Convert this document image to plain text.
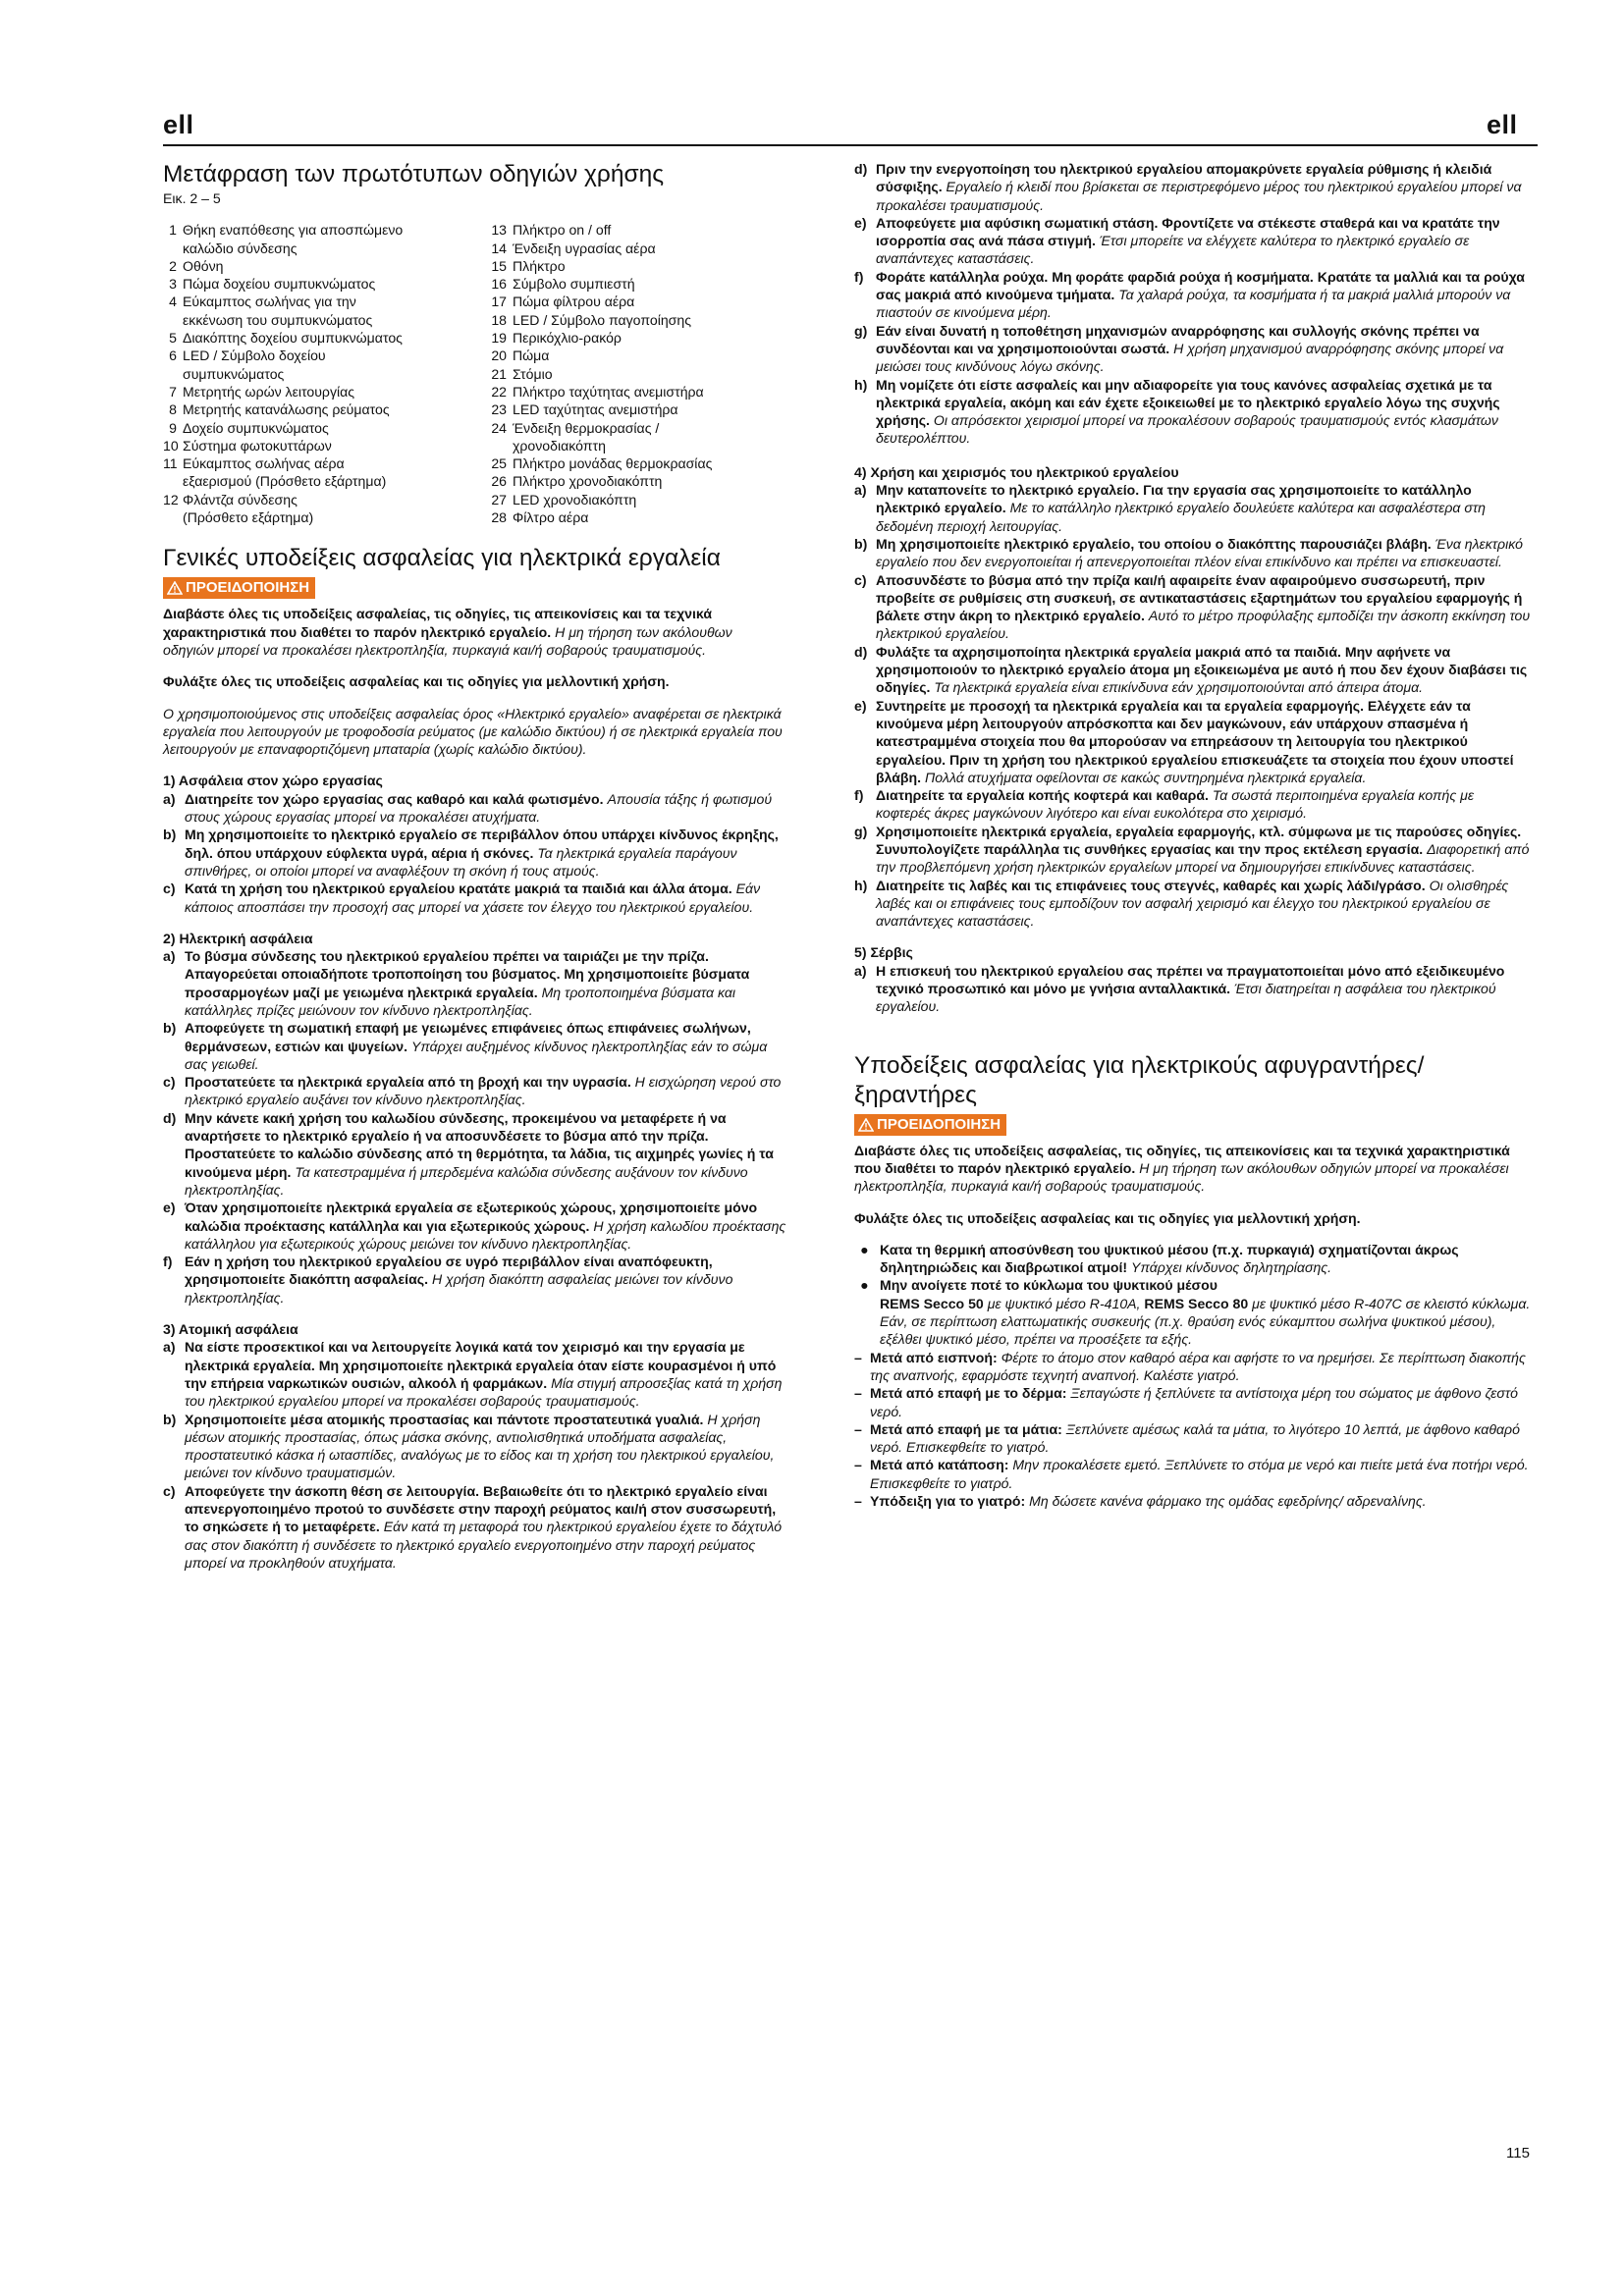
ell	ell
Μετάφραση των πρωτότυπων οδηγιών χρήσης
Εικ. 2 – 5
1 Θήκη εναπόθεσης για αποσπώμενο
καλώδιο σύνδεσης
2 Οθόνη
3 Πώμα δοχείου συμπυκνώματος
4 Εύκαμπτος σωλήνας για την
εκκένωση του συμπυκνώματος
5 Διακόπτης δοχείου συμπυκνώματος
6 LED / Σύμβολο δοχείου
συμπυκνώματος
7 Μετρητής ωρών λειτουργίας
8 Μετρητής κατανάλωσης ρεύματος
9 Δοχείο συμπυκνώματος
10 Σύστημα φωτοκυττάρων
11 Εύκαμπτος σωλήνας αέρα
εξαερισμού (Πρόσθετο εξάρτημα)
12 Φλάντζα σύνδεσης
(Πρόσθετο εξάρτημα)
13 Πλήκτρο on / off
14 Ένδειξη υγρασίας αέρα
15 Πλήκτρο
16 Σύμβολο συμπιεστή
17 Πώμα φίλτρου αέρα
18 LED / Σύμβολο παγοποίησης
19 Περικόχλιο-ρακόρ
20 Πώμα
21 Στόμιο
22 Πλήκτρο ταχύτητας ανεμιστήρα
23 LED ταχύτητας ανεμιστήρα
24 Ένδειξη θερμοκρασίας /
χρονοδιακόπτη
25 Πλήκτρο μονάδας θερμοκρασίας
26 Πλήκτρο χρονοδιακόπτη
27 LED χρονοδιακόπτη
28 Φίλτρο αέρα
Γενικές υποδείξεις ασφαλείας για ηλεκτρικά εργαλεία
ΠΡΟΕΙΔΟΠΟΙΗΣΗ

Διαβάστε όλες τις υποδείξεις ασφαλείας, τις οδηγίες, τις απεικονίσεις και τα τεχνικά χαρακτηριστικά που διαθέτει το παρόν ηλεκτρικό εργαλείο. Η μη τήρηση των ακόλουθων οδηγιών μπορεί να προκαλέσει ηλεκτροπληξία, πυρκαγιά και/ή σοβαρούς τραυματισμούς.

Φυλάξτε όλες τις υποδείξεις ασφαλείας και τις οδηγίες για μελλοντική χρήση.

Ο χρησιμοποιούμενος στις υποδείξεις ασφαλείας όρος «Ηλεκτρικό εργαλείο» αναφέρεται σε ηλεκτρικά εργαλεία που λειτουργούν με τροφοδοσία ρεύματος (με καλώδιο δικτύου) ή σε ηλεκτρικά εργαλεία που λειτουργούν με επαναφορτιζόμενη μπαταρία (χωρίς καλώδιο δικτύου).

1) Ασφάλεια στον χώρο εργασίας

a) Διατηρείτε τον χώρο εργασίας σας καθαρό και καλά φωτισμένο. Απουσία τάξης ή φωτισμού στους χώρους εργασίας μπορεί να προκαλέσει ατυχήματα.
b) Μη χρησιμοποιείτε το ηλεκτρικό εργαλείο σε περιβάλλον όπου υπάρχει κίνδυνος έκρηξης, δηλ. όπου υπάρχουν εύφλεκτα υγρά, αέρια ή σκόνες. Τα ηλεκτρικά εργαλεία παράγουν σπινθήρες, οι οποίοι μπορεί να αναφλέξουν τη σκόνη ή τους ατμούς.
c) Κατά τη χρήση του ηλεκτρικού εργαλείου κρατάτε μακριά τα παιδιά και άλλα άτομα. Εάν κάποιος αποσπάσει την προσοχή σας μπορεί να χάσετε τον έλεγχο του ηλεκτρικού εργαλείου.

2) Ηλεκτρική ασφάλεια

a) Το βύσμα σύνδεσης του ηλεκτρικού εργαλείου πρέπει να ταιριάζει με την πρίζα. Απαγορεύεται οποιαδήποτε τροποποίηση του βύσματος. Μη χρησιμοποιείτε βύσματα προσαρμογέων μαζί με γειωμένα ηλεκτρικά εργαλεία. Μη τροποποιημένα βύσματα και κατάλληλες πρίζες μειώνουν τον κίνδυνο ηλεκτροπληξίας.
b) Αποφεύγετε τη σωματική επαφή με γειωμένες επιφάνειες όπως επιφάνειες σωλήνων, θερμάνσεων, εστιών και ψυγείων. Υπάρχει αυξημένος κίνδυνος ηλεκτροπληξίας εάν το σώμα σας γειωθεί.
c) Προστατεύετε τα ηλεκτρικά εργαλεία από τη βροχή και την υγρασία. Η εισχώρηση νερού στο ηλεκτρικό εργαλείο αυξάνει τον κίνδυνο ηλεκτροπληξίας.
d) Μην κάνετε κακή χρήση του καλωδίου σύνδεσης, προκειμένου να μεταφέρετε ή να αναρτήσετε το ηλεκτρικό εργαλείο ή να αποσυνδέσετε το βύσμα από την πρίζα. Προστατεύετε το καλώδιο σύνδεσης από τη θερμότητα, τα λάδια, τις αιχμηρές γωνίες ή τα κινούμενα μέρη. Τα κατεστραμμένα ή μπερδεμένα καλώδια σύνδεσης αυξάνουν τον κίνδυνο ηλεκτροπληξίας.
e) Όταν χρησιμοποιείτε ηλεκτρικά εργαλεία σε εξωτερικούς χώρους, χρησιμοποιείτε μόνο καλώδια προέκτασης κατάλληλα και για εξωτερικούς χώρους. Η χρήση καλωδίου προέκτασης κατάλληλου για εξωτερικούς χώρους μειώνει τον κίνδυνο ηλεκτροπληξίας.
f) Εάν η χρήση του ηλεκτρικού εργαλείου σε υγρό περιβάλλον είναι αναπόφευκτη, χρησιμοποιείτε διακόπτη ασφαλείας. Η χρήση διακόπτη ασφαλείας μειώνει τον κίνδυνο ηλεκτροπληξίας.

3) Ατομική ασφάλεια

a) Να είστε προσεκτικοί και να λειτουργείτε λογικά κατά τον χειρισμό και την εργασία με ηλεκτρικά εργαλεία. Μη χρησιμοποιείτε ηλεκτρικά εργαλεία όταν είστε κουρασμένοι ή υπό την επήρεια ναρκωτικών ουσιών, αλκοόλ ή φαρμάκων. Μία στιγμή απροσεξίας κατά τη χρήση του ηλεκτρικού εργαλείου μπορεί να προκαλέσει σοβαρούς τραυματισμούς.
b) Χρησιμοποιείτε μέσα ατομικής προστασίας και πάντοτε προστατευτικά γυαλιά. Η χρήση μέσων ατομικής προστασίας, όπως μάσκα σκόνης, αντιολισθητικά υποδήματα ασφαλείας, προστατευτικό κάσκα ή ωτασπίδες, αναλόγως με το είδος και τη χρήση του ηλεκτρικού εργαλείου, μειώνει τον κίνδυνο τραυματισμών.
c) Αποφεύγετε την άσκοπη θέση σε λειτουργία. Βεβαιωθείτε ότι το ηλεκτρικό εργαλείο είναι απενεργοποιημένο προτού το συνδέσετε στην παροχή ρεύματος και/ή στον συσσωρευτή, το σηκώσετε ή το μεταφέρετε. Εάν κατά τη μεταφορά του ηλεκτρικού εργαλείου έχετε το δάχτυλό σας στον διακόπτη ή συνδέσετε το ηλεκτρικό εργαλείο ενεργοποιημένο στην παροχή ρεύματος μπορεί να προκληθούν ατυχήματα.
d) Πριν την ενεργοποίηση του ηλεκτρικού εργαλείου απομακρύνετε εργαλεία ρύθμισης ή κλειδιά σύσφιξης. Εργαλείο ή κλειδί που βρίσκεται σε περιστρεφόμενο μέρος του ηλεκτρικού εργαλείου μπορεί να προκαλέσει τραυματισμούς.
e) Αποφεύγετε μια αφύσικη σωματική στάση. Φροντίζετε να στέκεστε σταθερά και να κρατάτε την ισορροπία σας ανά πάσα στιγμή. Έτσι μπορείτε να ελέγχετε καλύτερα το ηλεκτρικό εργαλείο σε αναπάντεχες καταστάσεις.
f) Φοράτε κατάλληλα ρούχα. Μη φοράτε φαρδιά ρούχα ή κοσμήματα. Κρατάτε τα μαλλιά και τα ρούχα σας μακριά από κινούμενα τμήματα. Τα χαλαρά ρούχα, τα κοσμήματα ή τα μακριά μαλλιά μπορούν να πιαστούν σε κινούμενα μέρη.
g) Εάν είναι δυνατή η τοποθέτηση μηχανισμών αναρρόφησης και συλλογής σκόνης πρέπει να συνδέονται και να χρησιμοποιούνται σωστά. Η χρήση μηχανισμού αναρρόφησης σκόνης μπορεί να μειώσει τους κινδύνους λόγω σκόνης.
h) Μη νομίζετε ότι είστε ασφαλείς και μην αδιαφορείτε για τους κανόνες ασφαλείας σχετικά με τα ηλεκτρικά εργαλεία, ακόμη και εάν έχετε εξοικειωθεί με το ηλεκτρικό εργαλείο λόγω της συχνής χρήσης. Οι απρόσεκτοι χειρισμοί μπορεί να προκαλέσουν σοβαρούς τραυματισμούς εντός κλασμάτων δευτερολέπτου.

4) Χρήση και χειρισμός του ηλεκτρικού εργαλείου

a) Μην καταπονείτε το ηλεκτρικό εργαλείο. Για την εργασία σας χρησιμοποιείτε το κατάλληλο ηλεκτρικό εργαλείο. Με το κατάλληλο ηλεκτρικό εργαλείο δουλεύετε καλύτερα και ασφαλέστερα στη δεδομένη περιοχή λειτουργίας.
b) Μη χρησιμοποιείτε ηλεκτρικό εργαλείο, του οποίου ο διακόπτης παρουσιάζει βλάβη. Ένα ηλεκτρικό εργαλείο που δεν ενεργοποιείται ή απενεργοποιείται πλέον είναι επικίνδυνο και πρέπει να επισκευαστεί.
c) Αποσυνδέστε το βύσμα από την πρίζα και/ή αφαιρείτε έναν αφαιρούμενο συσσωρευτή, πριν προβείτε σε ρυθμίσεις στη συσκευή, σε αντικαταστάσεις εξαρτημάτων του εργαλείου εφαρμογής ή βάλετε στην άκρη το ηλεκτρικό εργαλείο. Αυτό το μέτρο προφύλαξης εμποδίζει την άσκοπη εκκίνηση του ηλεκτρικού εργαλείου.
d) Φυλάξτε τα αχρησιμοποίητα ηλεκτρικά εργαλεία μακριά από τα παιδιά. Μην αφήνετε να χρησιμοποιούν το ηλεκτρικό εργαλείο άτομα μη εξοικειωμένα με αυτό ή που δεν έχουν διαβάσει τις οδηγίες. Τα ηλεκτρικά εργαλεία είναι επικίνδυνα εάν χρησιμοποιούνται από άπειρα άτομα.
e) Συντηρείτε με προσοχή τα ηλεκτρικά εργαλεία και τα εργαλεία εφαρμογής. Ελέγχετε εάν τα κινούμενα μέρη λειτουργούν απρόσκοπτα και δεν μαγκώνουν, εάν υπάρχουν σπασμένα ή κατεστραμμένα στοιχεία που θα μπορούσαν να επηρεάσουν τη λειτουργία του ηλεκτρικού εργαλείου. Πριν τη χρήση του ηλεκτρικού εργαλείου επισκευάζετε τα στοιχεία που έχουν υποστεί βλάβη. Πολλά ατυχήματα οφείλονται σε κακώς συντηρημένα ηλεκτρικά εργαλεία.
f) Διατηρείτε τα εργαλεία κοπής κοφτερά και καθαρά. Τα σωστά περιποιημένα εργαλεία κοπής με κοφτερές άκρες μαγκώνουν λιγότερο και είναι ευκολότερα στο χειρισμό.
g) Χρησιμοποιείτε ηλεκτρικά εργαλεία, εργαλεία εφαρμογής, κτλ. σύμφωνα με τις παρούσες οδηγίες. Συνυπολογίζετε παράλληλα τις συνθήκες εργασίας και την προς εκτέλεση εργασία. Διαφορετική από την προβλεπόμενη χρήση ηλεκτρικών εργαλείων μπορεί να δημιουργήσει επικίνδυνες καταστάσεις.
h) Διατηρείτε τις λαβές και τις επιφάνειες τους στεγνές, καθαρές και χωρίς λάδι/γράσο. Οι ολισθηρές λαβές και οι επιφάνειες τους εμποδίζουν τον ασφαλή χειρισμό και έλεγχο του ηλεκτρικού εργαλείου σε αναπάντεχες καταστάσεις.

5) Σέρβις

a) Η επισκευή του ηλεκτρικού εργαλείου σας πρέπει να πραγματοποιείται μόνο από εξειδικευμένο τεχνικό προσωπικό και μόνο με γνήσια ανταλλακτικά. Έτσι διατηρείται η ασφάλεια του ηλεκτρικού εργαλείου.
Υποδείξεις ασφαλείας για ηλεκτρικούς αφυγραντήρες/ ξηραντήρες
ΠΡΟΕΙΔΟΠΟΙΗΣΗ

Διαβάστε όλες τις υποδείξεις ασφαλείας, τις οδηγίες, τις απεικονίσεις και τα τεχνικά χαρακτηριστικά που διαθέτει το παρόν ηλεκτρικό εργαλείο. Η μη τήρηση των ακόλουθων οδηγιών μπορεί να προκαλέσει ηλεκτροπληξία, πυρκαγιά και/ή σοβαρούς τραυματισμούς.

Φυλάξτε όλες τις υποδείξεις ασφαλείας και τις οδηγίες για μελλοντική χρήση.

● Κατα τη θερμική αποσύνθεση του ψυκτικού μέσου (π.χ. πυρκαγιά) σχηματίζονται άκρως δηλητηριώδεις και διαβρωτικοί ατμοί! Υπάρχει κίνδυνος δηλητηρίασης.
● Μην ανοίγετε ποτέ το κύκλωμα του ψυκτικού μέσου
REMS Secco 50 με ψυκτικό μέσο R-410A, REMS Secco 80 με ψυκτικό μέσο R-407C σε κλειστό κύκλωμα. Εάν, σε περίπτωση ελαττωματικής συσκευής (π.χ. θραύση ενός εύκαμπτου σωλήνα ψυκτικού μέσου), εξέλθει ψυκτικό μέσο, πρέπει να προσέξετε τα εξής.
– Μετά από εισπνοή: Φέρτε το άτομο στον καθαρό αέρα και αφήστε το να ηρεμήσει. Σε περίπτωση διακοπής της αναπνοής, εφαρμόστε τεχνητή αναπνοή. Καλέστε γιατρό.
– Μετά από επαφή με το δέρμα: Ξεπαγώστε ή ξεπλύνετε τα αντίστοιχα μέρη του σώματος με άφθονο ζεστό νερό.
– Μετά από επαφή με τα μάτια: Ξεπλύνετε αμέσως καλά τα μάτια, το λιγότερο 10 λεπτά, με άφθονο καθαρό νερό. Επισκεφθείτε το γιατρό.
– Μετά από κατάποση: Μην προκαλέσετε εμετό. Ξεπλύνετε το στόμα με νερό και πιείτε μετά ένα ποτήρι νερό. Επισκεφθείτε το γιατρό.
– Υπόδειξη για το γιατρό: Μη δώσετε κανένα φάρμακο της ομάδας εφεδρίνης/ αδρεναλίνης.
115
